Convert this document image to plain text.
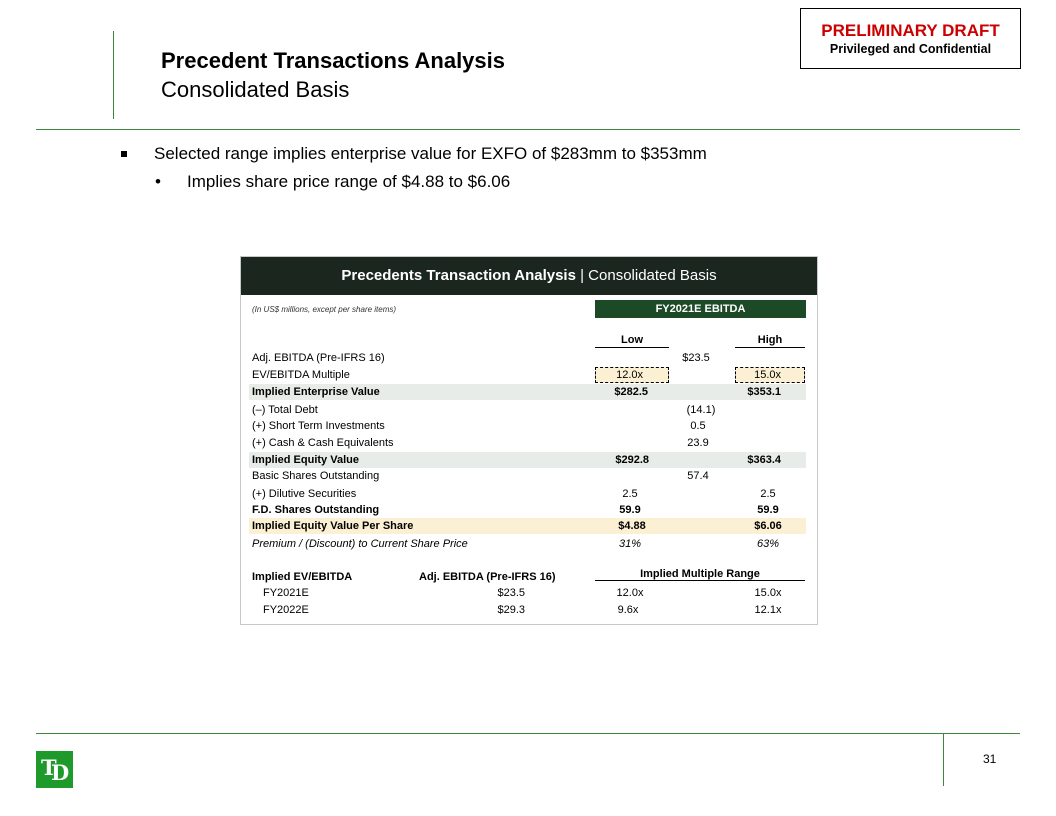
Precedent Transactions Analysis
Consolidated Basis
PRELIMINARY DRAFT
Privileged and Confidential
Selected range implies enterprise value for EXFO of $283mm to $353mm
• Implies share price range of $4.88 to $6.06
Precedents Transaction Analysis | Consolidated Basis
(In US$ millions, except per share items)	FY2021E EBITDA
Low	High
Adj. EBITDA (Pre-IFRS 16)	$23.5
EV/EBITDA Multiple	12.0x	15.0x
Implied Enterprise Value	$282.5	$353.1
(–) Total Debt	(14.1)
(+) Short Term Investments	0.5
(+) Cash & Cash Equivalents	23.9
Implied Equity Value	$292.8	$363.4
Basic Shares Outstanding	57.4
(+) Dilutive Securities	2.5	2.5
F.D. Shares Outstanding	59.9	59.9
Implied Equity Value Per Share	$4.88	$6.06
Premium / (Discount) to Current Share Price	31%	63%
Implied EV/EBITDA	Adj. EBITDA (Pre-IFRS 16)	Implied Multiple Range
FY2021E	$23.5	12.0x	15.0x
FY2022E	$29.3	9.6x	12.1x
T
D
31
